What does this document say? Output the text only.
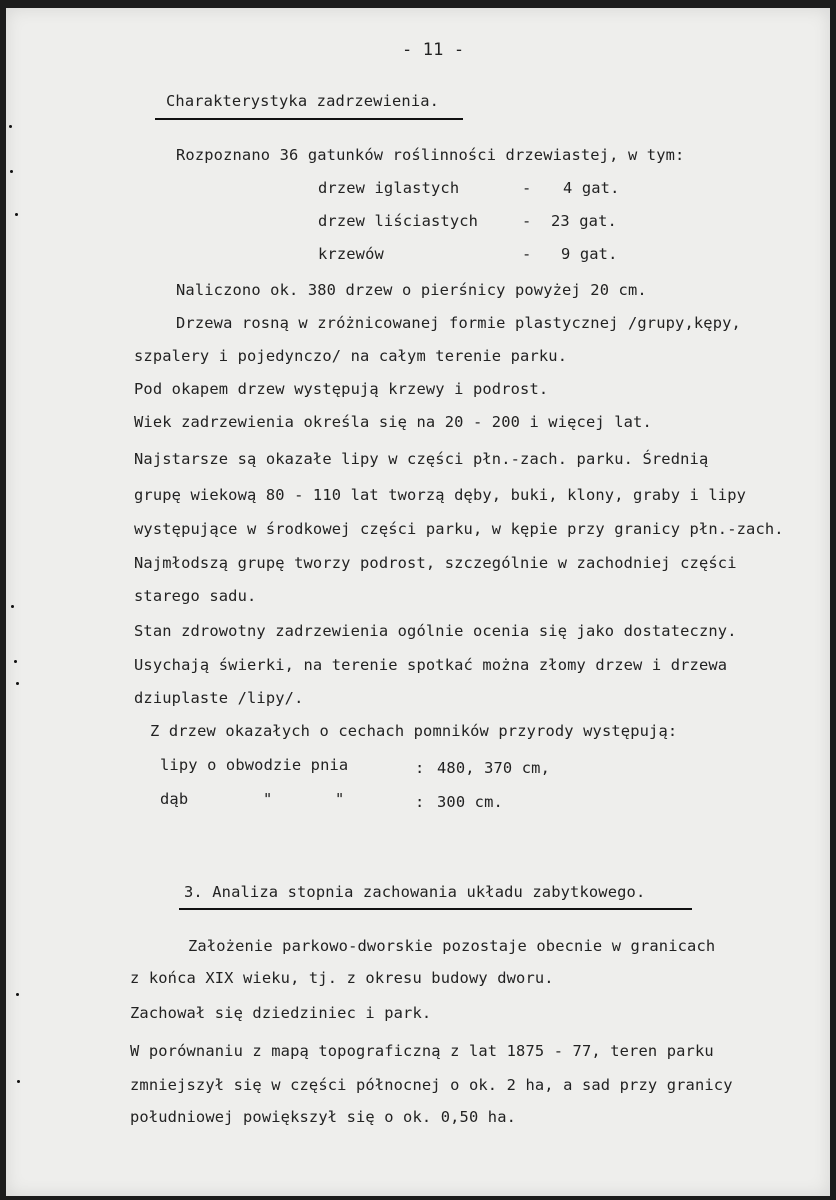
- 11 -
Charakterystyka zadrzewienia.
Rozpoznano 36 gatunków roślinności drzewiastej, w tym:
drzew iglastych	- 4 gat.
drzew liściastych	- 23 gat.
krzewów	- 9 gat.
Naliczono ok. 380 drzew o pierśnicy powyżej 20 cm.
Drzewa rosną w zróżnicowanej formie plastycznej /grupy,kępy,
szpalery i pojedynczo/ na całym terenie parku.
Pod okapem drzew występują krzewy i podrost.
Wiek zadrzewienia określa się na 20 - 200 i więcej lat.
Najstarsze są okazałe lipy w części płn.-zach. parku. Średnią
grupę wiekową 80 - 110 lat tworzą dęby, buki, klony, graby i lipy
występujące w środkowej części parku, w kępie przy granicy płn.-zach.
Najmłodszą grupę tworzy podrost, szczególnie w zachodniej części
starego sadu.
Stan zdrowotny zadrzewienia ogólnie ocenia się jako dostateczny.
Usychają świerki, na terenie spotkać można złomy drzew i drzewa
dziuplaste /lipy/.
Z drzew okazałych o cechach pomników przyrody występują:
lipy o obwodzie pnia	: 480, 370 cm,
dąb	"	"	: 300 cm.
3. Analiza stopnia zachowania układu zabytkowego.
Założenie parkowo-dworskie pozostaje obecnie w granicach
z końca XIX wieku, tj. z okresu budowy dworu.
Zachował się dziedziniec i park.
W porównaniu z mapą topograficzną z lat 1875 - 77, teren parku
zmniejszył się w części północnej o ok. 2 ha, a sad przy granicy
południowej powiększył się o ok. 0,50 ha.
